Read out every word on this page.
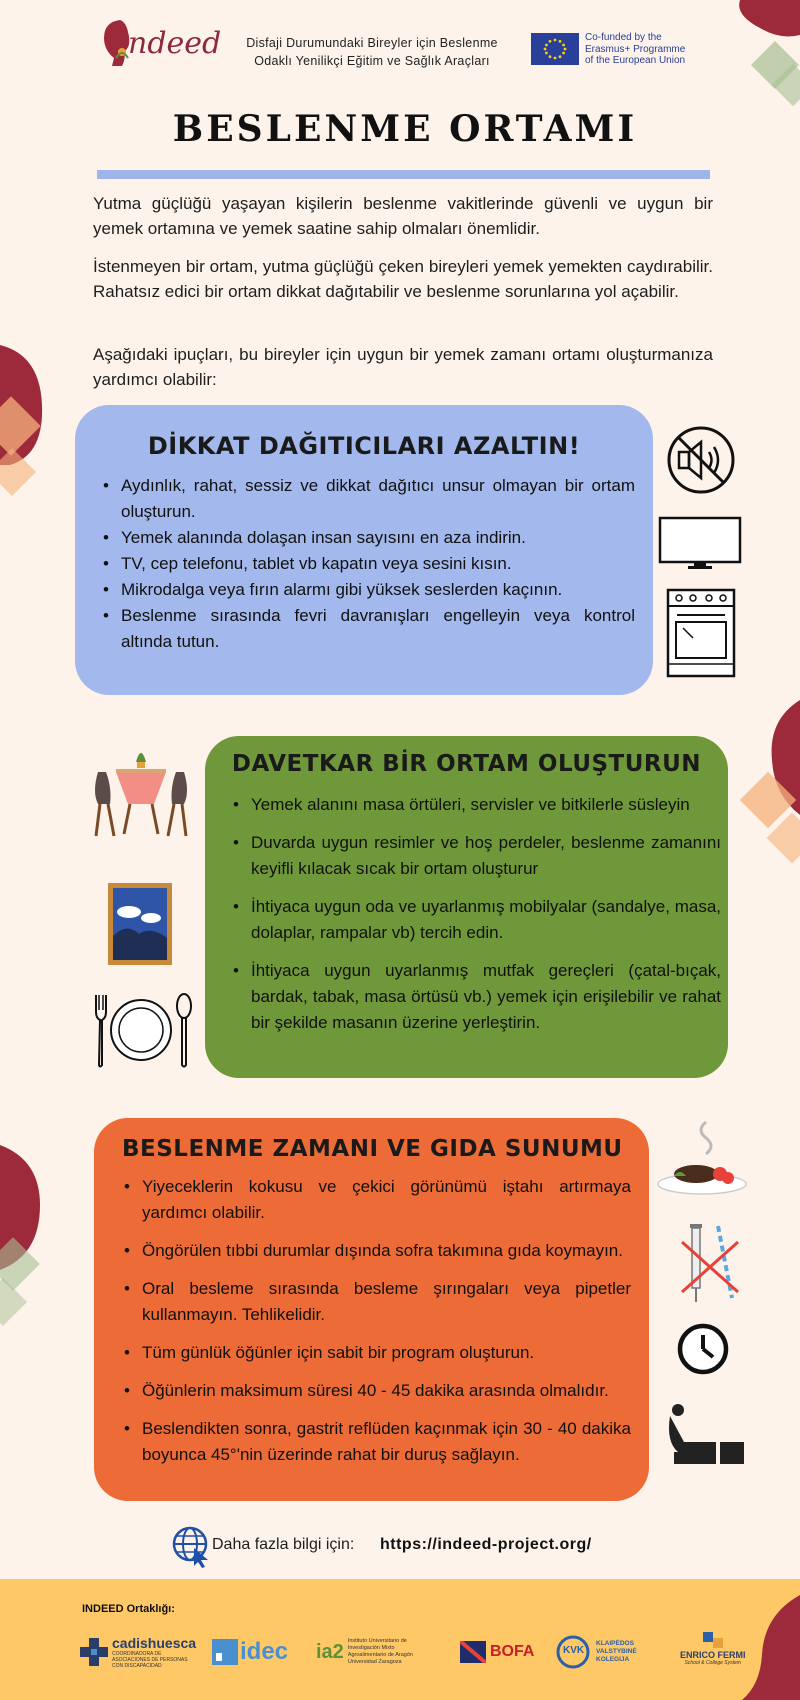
ndeed	Disfaji Durumundaki Bireyler için Beslenme
Odaklı Yenilikçi Eğitim ve Sağlık Araçları
Co-funded by the
Erasmus+ Programme
of the European Union
BESLENME ORTAMI

Yutma güçlüğü yaşayan kişilerin beslenme vakitlerinde güvenli ve uygun bir yemek ortamına ve yemek saatine sahip olmaları önemlidir.

İstenmeyen bir ortam, yutma güçlüğü çeken bireyleri yemek yemekten caydırabilir. Rahatsız edici bir ortam dikkat dağıtabilir ve beslenme sorunlarına yol açabilir.

Aşağıdaki ipuçları, bu bireyler için uygun bir yemek zamanı ortamı oluşturmanıza yardımcı olabilir:

DİKKAT DAĞITICILARI AZALTIN!
• Aydınlık, rahat, sessiz ve dikkat dağıtıcı unsur olmayan bir ortam oluşturun.
• Yemek alanında dolaşan insan sayısını en aza indirin.
• TV, cep telefonu, tablet vb kapatın veya sesini kısın.
• Mikrodalga veya fırın alarmı gibi yüksek seslerden kaçının.
• Beslenme sırasında fevri davranışları engelleyin veya kontrol altında tutun.
DAVETKAR BİR ORTAM OLUŞTURUN
• Yemek alanını masa örtüleri, servisler ve bitkilerle süsleyin
• Duvarda uygun resimler ve hoş perdeler, beslenme zamanını keyifli kılacak sıcak bir ortam oluşturur
• İhtiyaca uygun oda ve uyarlanmış mobilyalar (sandalye, masa, dolaplar, rampalar vb) tercih edin.
• İhtiyaca uygun uyarlanmış mutfak gereçleri (çatal-bıçak, bardak, tabak, masa örtüsü vb.) yemek için erişilebilir ve rahat bir şekilde masanın üzerine yerleştirin.
BESLENME ZAMANI VE GIDA SUNUMU
• Yiyeceklerin kokusu ve çekici görünümü iştahı artırmaya yardımcı olabilir.
• Öngörülen tıbbi durumlar dışında sofra takımına gıda koymayın.
• Oral besleme sırasında besleme şırıngaları veya pipetler kullanmayın. Tehlikelidir.
• Tüm günlük öğünler için sabit bir program oluşturun.
• Öğünlerin maksimum süresi 40 - 45 dakika arasında olmalıdır.
• Beslendikten sonra, gastrit reflüden kaçınmak için 30 - 40 dakika boyunca 45°'nin üzerinde rahat bir duruş sağlayın.
Daha fazla bilgi için: https://indeed-project.org/
INDEED Ortaklığı:
cadishuesca
COORDINADORA DE ASOCIACIONES DE PERSONAS CON DISCAPACIDAD
idec ia2 Instituto Universitario de Investigación Mixto Agroalimentario de Aragón Universidad Zaragoza
BOFA	KVK
KLAIPĖDOS VALSTYBINĖ KOLEGIJA	ENRICO FERMI
School & College System
